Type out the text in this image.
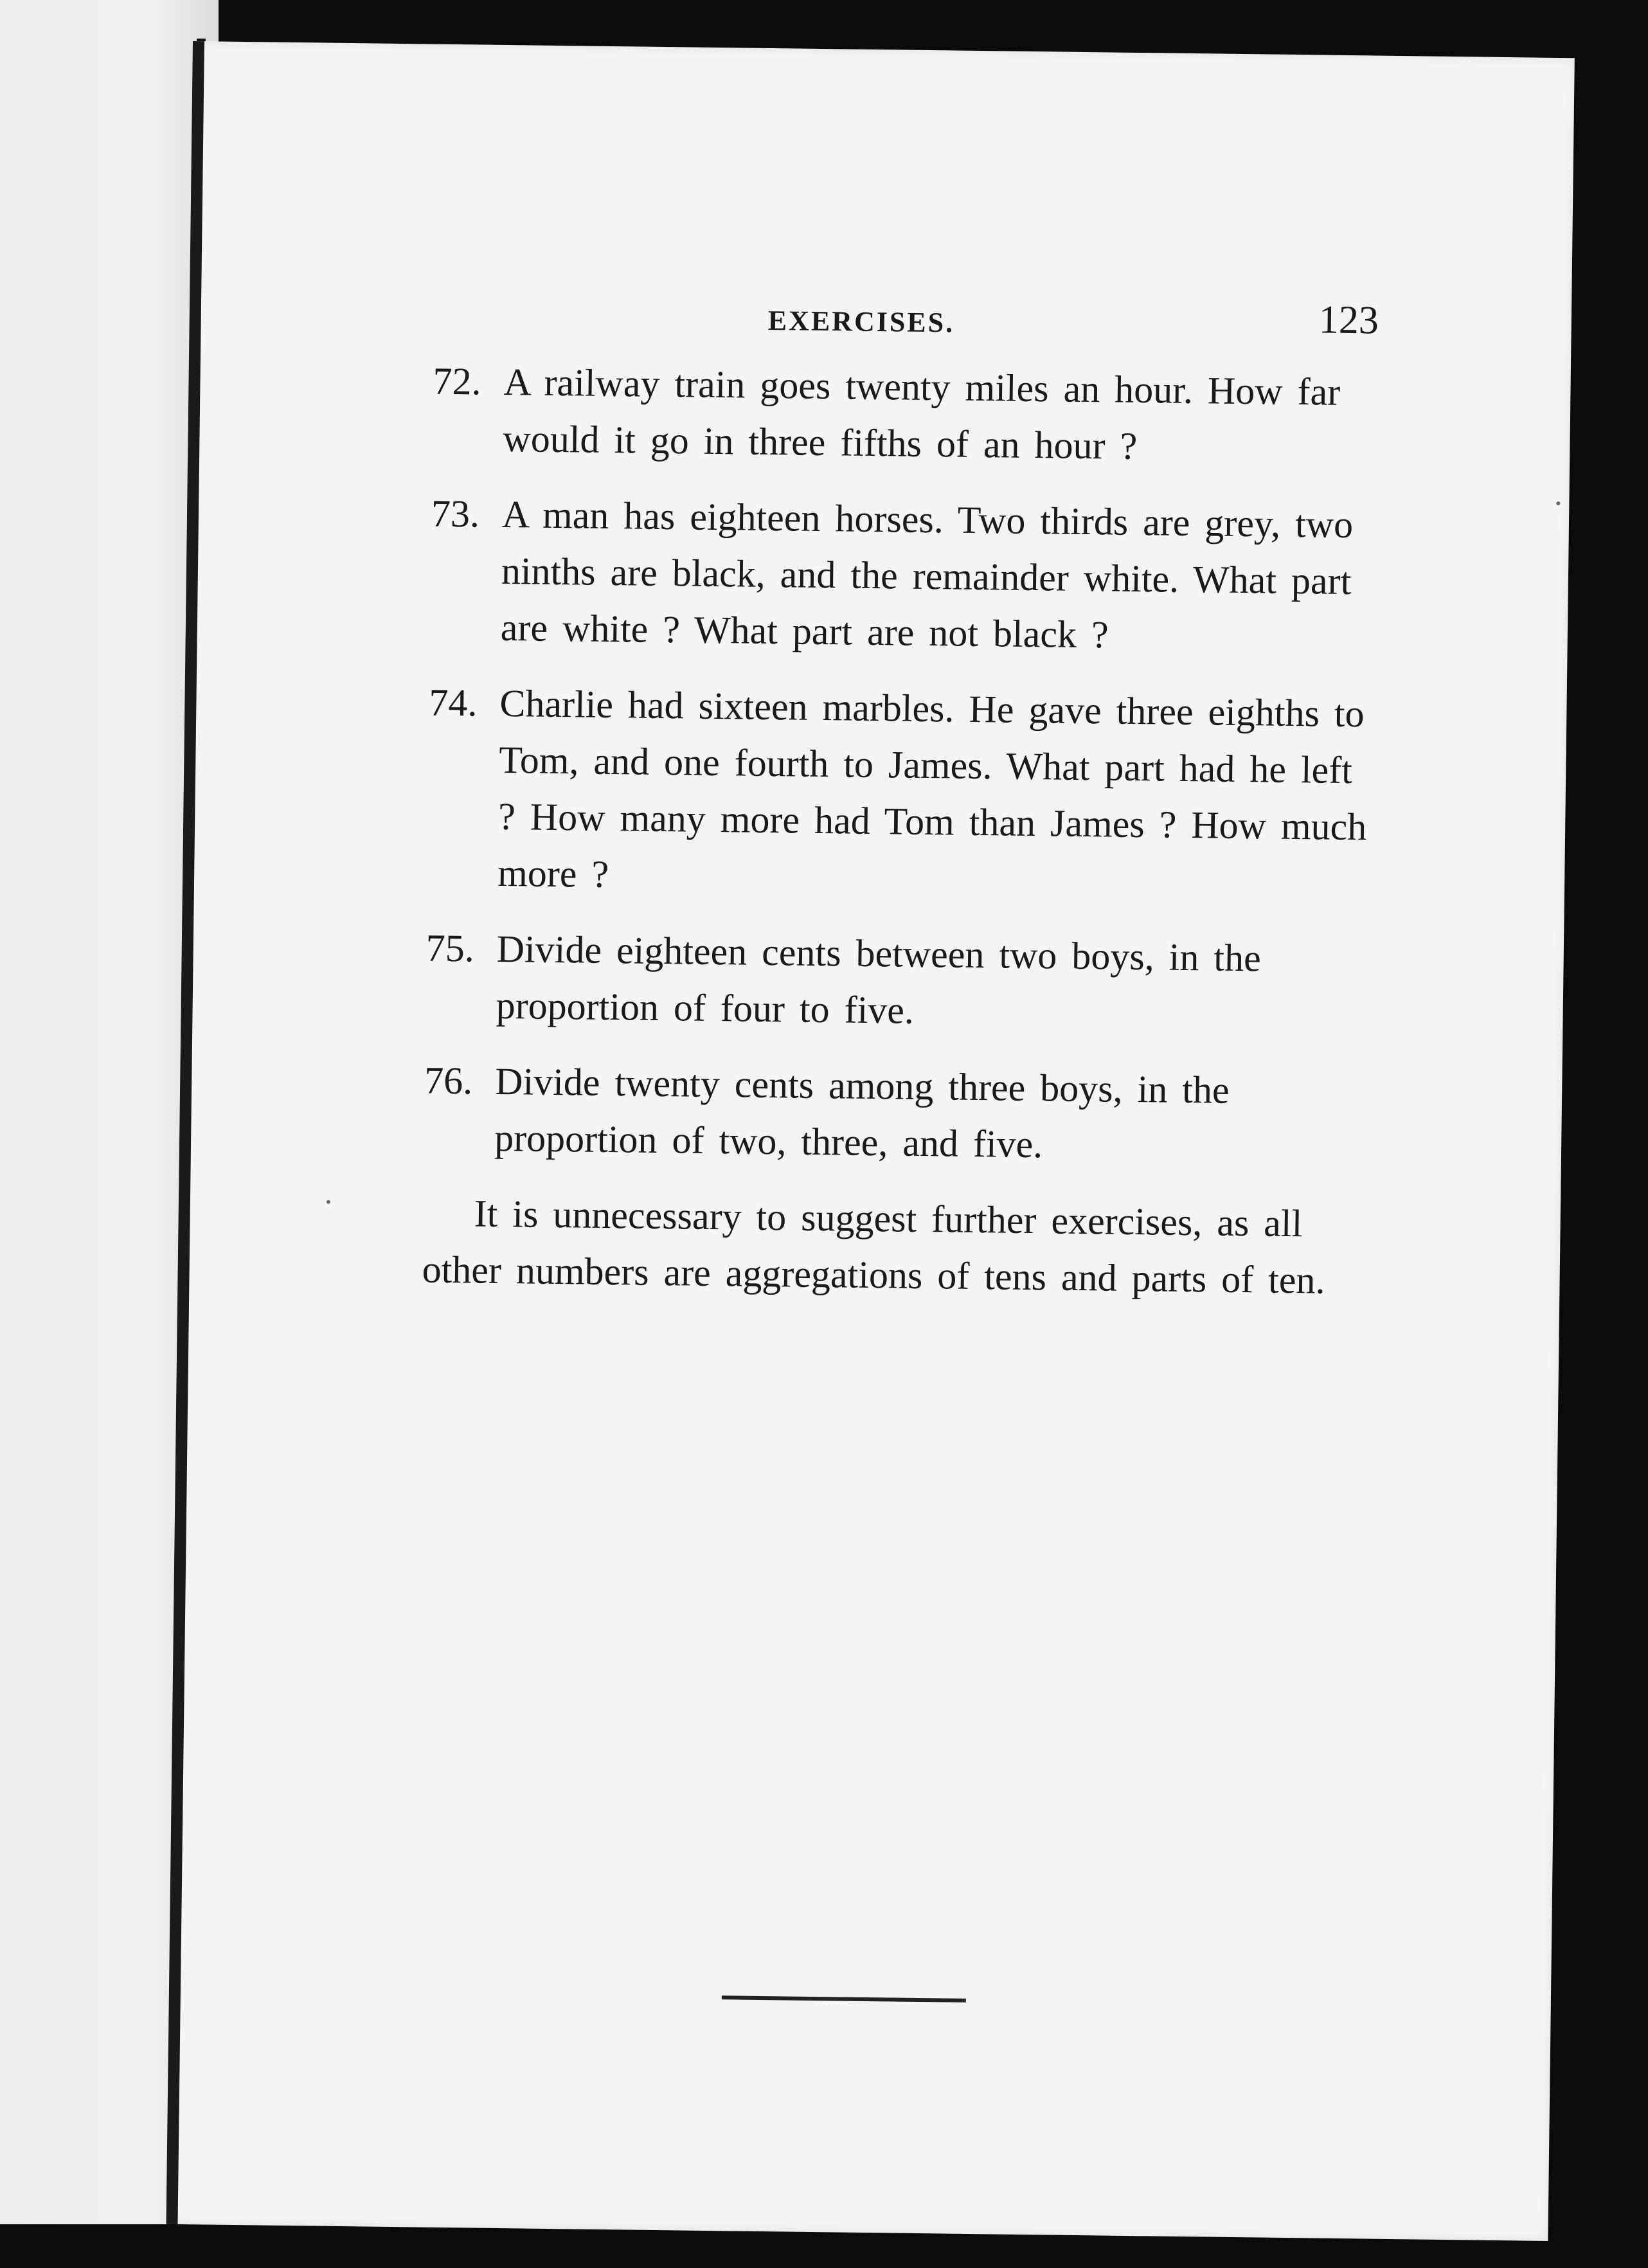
EXERCISES.	123
72. A railway train goes twenty miles an hour. How far would it go in three fifths of an hour ?
73. A man has eighteen horses. Two thirds are grey, two ninths are black, and the remainder white. What part are white ? What part are not black ?
74. Charlie had sixteen marbles. He gave three eighths to Tom, and one fourth to James. What part had he left ? How many more had Tom than James ? How much more ?
75. Divide eighteen cents between two boys, in the proportion of four to five.
76. Divide twenty cents among three boys, in the proportion of two, three, and five.

It is unnecessary to suggest further exercises, as all other numbers are aggregations of tens and parts of ten.
